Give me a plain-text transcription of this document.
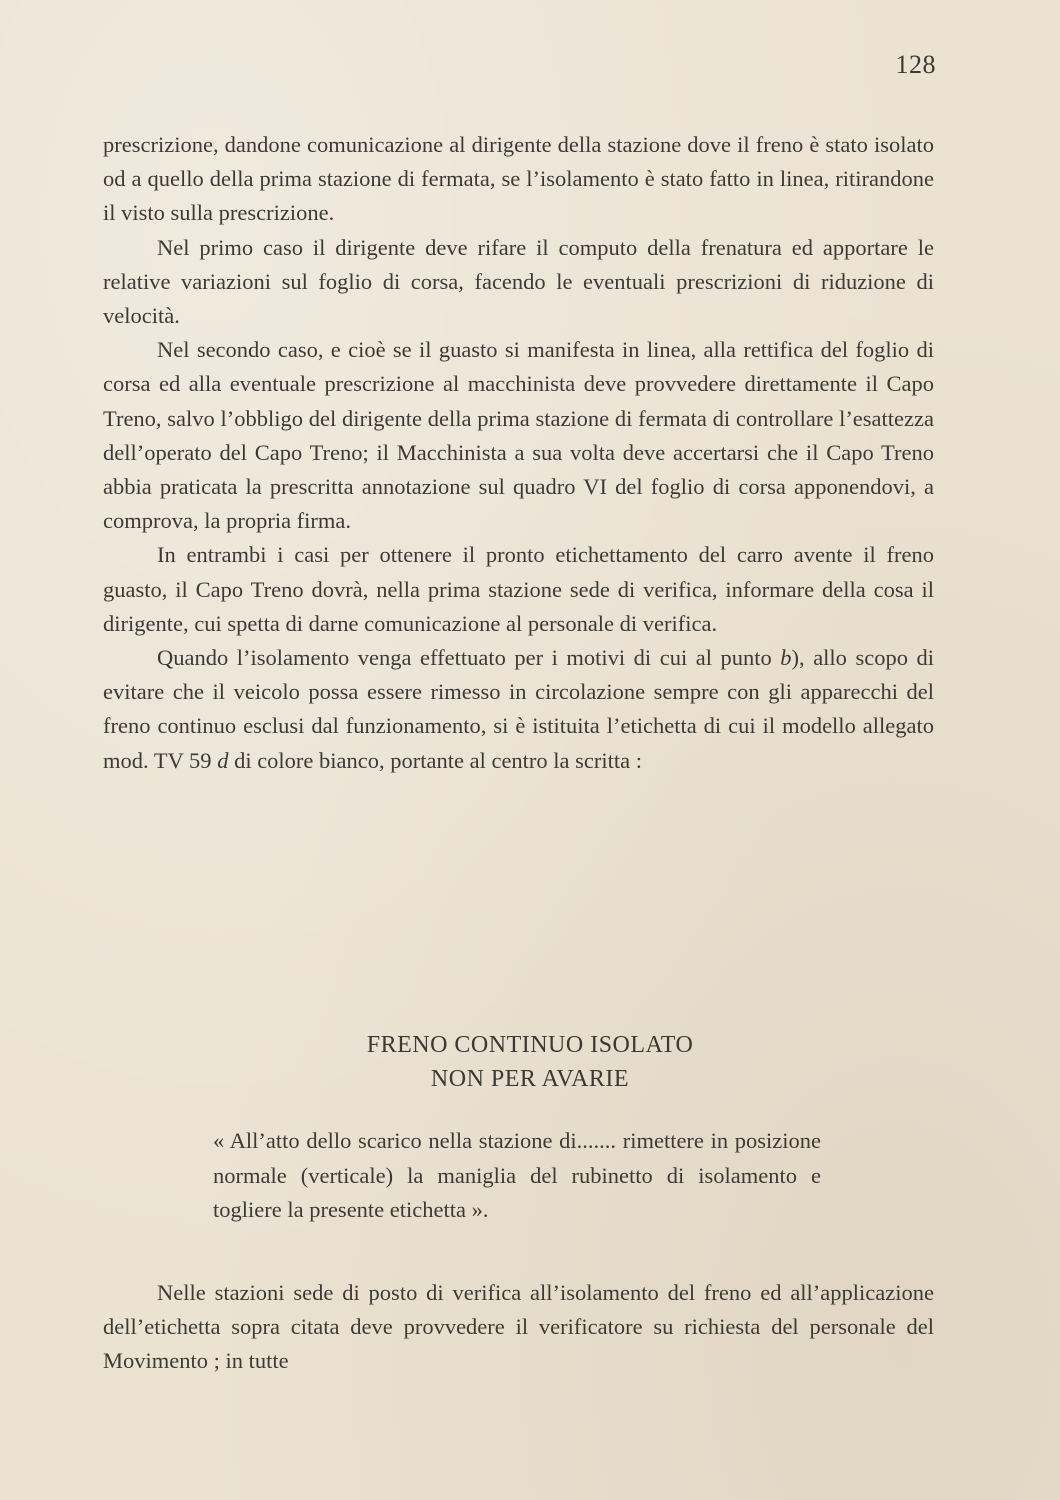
128

prescrizione, dandone comunicazione al dirigente della stazione dove il freno è stato isolato od a quello della prima stazione di fermata, se l’isolamento è stato fatto in linea, ritirandone il visto sulla prescrizione.

Nel primo caso il dirigente deve rifare il computo della frenatura ed apportare le relative variazioni sul foglio di corsa, facendo le eventuali prescrizioni di riduzione di velocità.

Nel secondo caso, e cioè se il guasto si manifesta in linea, alla rettifica del foglio di corsa ed alla eventuale prescrizione al macchinista deve provvedere direttamente il Capo Treno, salvo l’obbligo del dirigente della prima stazione di fermata di controllare l’esattezza dell’operato del Capo Treno; il Macchinista a sua volta deve accertarsi che il Capo Treno abbia praticata la prescritta annotazione sul quadro VI del foglio di corsa apponendovi, a comprova, la propria firma.

In entrambi i casi per ottenere il pronto etichettamento del carro avente il freno guasto, il Capo Treno dovrà, nella prima stazione sede di verifica, informare della cosa il dirigente, cui spetta di darne comunicazione al personale di verifica.

Quando l’isolamento venga effettuato per i motivi di cui al punto b), allo scopo di evitare che il veicolo possa essere rimesso in circolazione sempre con gli apparecchi del freno continuo esclusi dal funzionamento, si è istituita l’etichetta di cui il modello allegato mod. TV 59 d di colore bianco, portante al centro la scritta :

FRENO CONTINUO ISOLATO
NON PER AVARIE
« All’atto dello scarico nella stazione di....... rimettere in posizione normale (verticale) la maniglia del rubinetto di isolamento e togliere la presente etichetta ».

Nelle stazioni sede di posto di verifica all’isolamento del freno ed all’applicazione dell’etichetta sopra citata deve provvedere il verificatore su richiesta del personale del Movimento ; in tutte
